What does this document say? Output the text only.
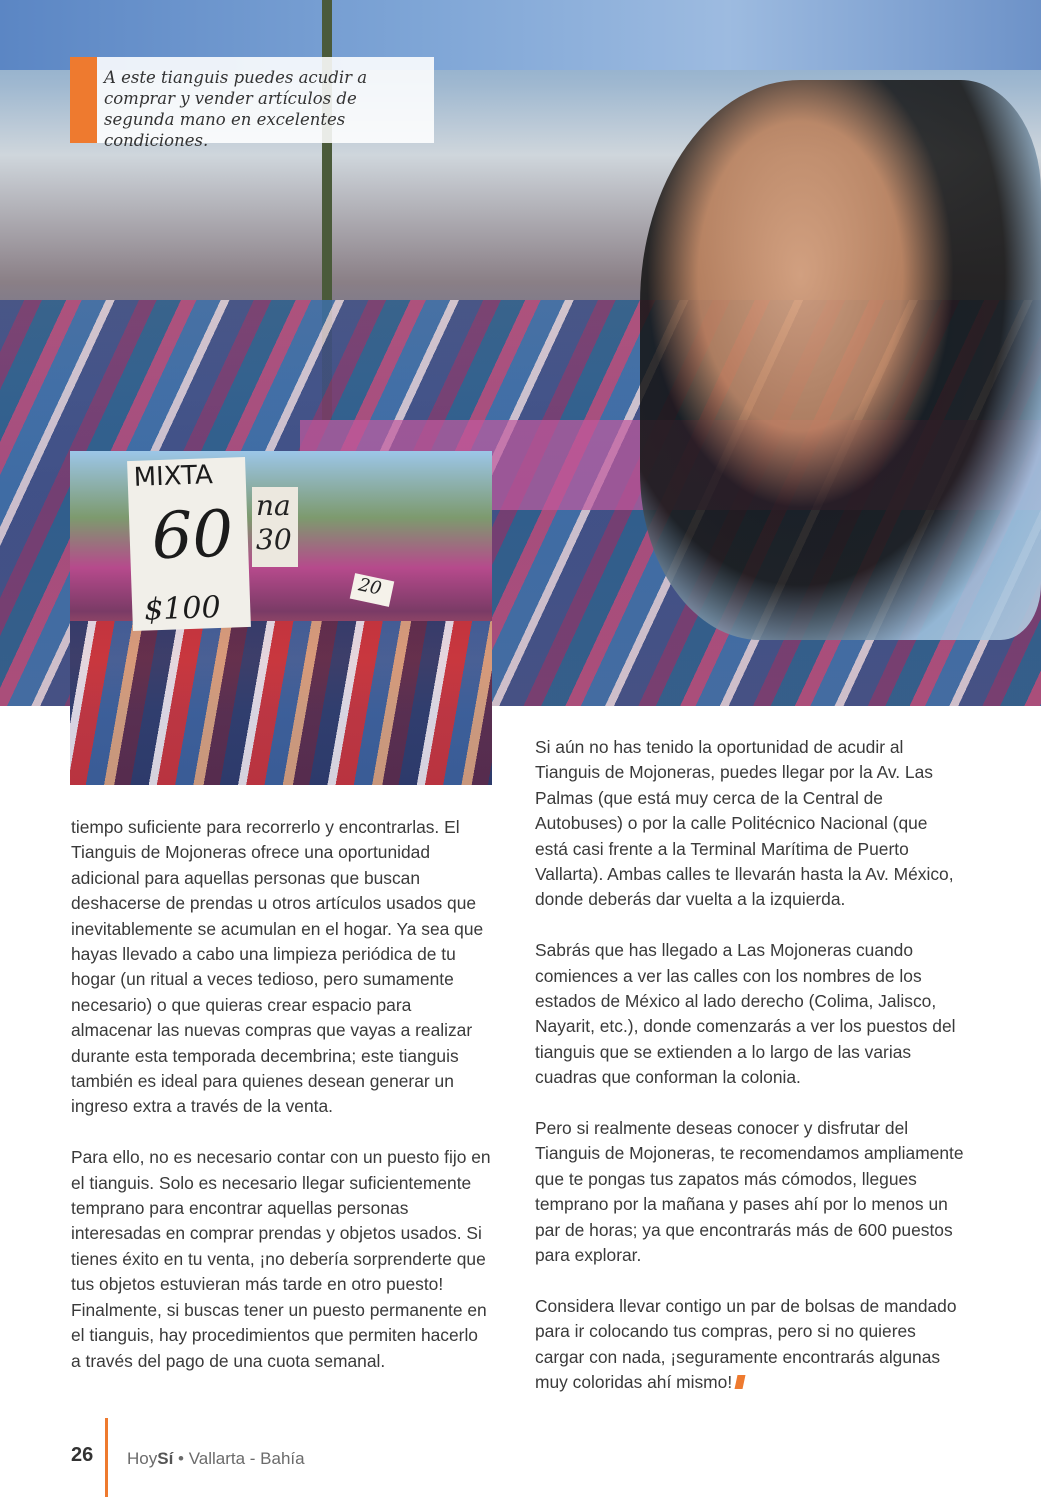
A este tianguis puedes acudir a comprar y vender artículos de segunda mano en excelentes condiciones.
MIXTA
60
$100
na
30
20

tiempo suficiente para recorrerlo y encontrarlas. El Tianguis de Mojoneras ofrece una oportunidad adicional para aquellas personas que buscan deshacerse de prendas u otros artículos usados que inevitablemente se acumulan en el hogar. Ya sea que hayas llevado a cabo una limpieza periódica de tu hogar (un ritual a veces tedioso, pero sumamente necesario) o que quieras crear espacio para almacenar las nuevas compras que vayas a realizar durante esta temporada decembrina; este tianguis también es ideal para quienes desean generar un ingreso extra a través de la venta.

Para ello, no es necesario contar con un puesto fijo en el tianguis. Solo es necesario llegar suficientemente temprano para encontrar aquellas personas interesadas en comprar prendas y objetos usados. Si tienes éxito en tu venta, ¡no debería sorprenderte que tus objetos estuvieran más tarde en otro puesto! Finalmente, si buscas tener un puesto permanente en el tianguis, hay procedimientos que permiten hacerlo a través del pago de una cuota semanal.

Si aún no has tenido la oportunidad de acudir al Tianguis de Mojoneras, puedes llegar por la Av. Las Palmas (que está muy cerca de la Central de Autobuses) o por la calle Politécnico Nacional (que está casi frente a la Terminal Marítima de Puerto Vallarta). Ambas calles te llevarán hasta la Av. México, donde deberás dar vuelta a la izquierda.

Sabrás que has llegado a Las Mojoneras cuando comiences a ver las calles con los nombres de los estados de México al lado derecho (Colima, Jalisco, Nayarit, etc.), donde comenzarás a ver los puestos del tianguis que se extienden a lo largo de las varias cuadras que conforman la colonia.

Pero si realmente deseas conocer y disfrutar del Tianguis de Mojoneras, te recomendamos ampliamente que te pongas tus zapatos más cómodos, llegues temprano por la mañana y pases ahí por lo menos un par de horas; ya que encontrarás más de 600 puestos para explorar.

Considera llevar contigo un par de bolsas de mandado para ir colocando tus compras, pero si no quieres cargar con nada, ¡seguramente encontrarás algunas muy coloridas ahí mismo!

26 HoySí • Vallarta - Bahía
